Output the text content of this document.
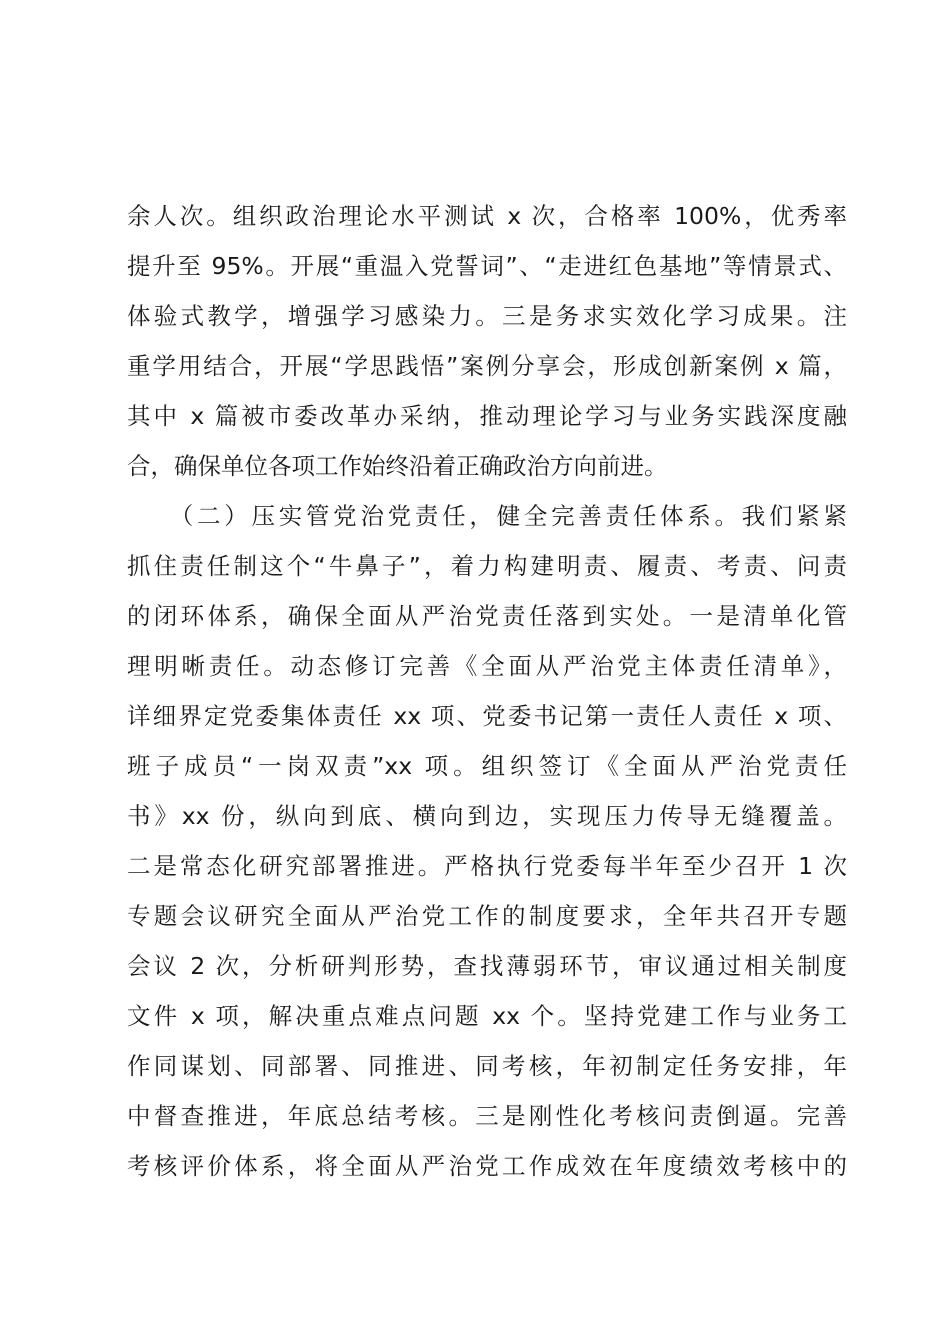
余人次。组织政治理论水平测试 x 次，合格率 100%，优秀率
提升至 95%。开展“重温入党誓词”、“走进红色基地”等情景式、
体验式教学，增强学习感染力。三是务求实效化学习成果。注
重学用结合，开展“学思践悟”案例分享会，形成创新案例 x 篇，
其中 x 篇被市委改革办采纳，推动理论学习与业务实践深度融
合，确保单位各项工作始终沿着正确政治方向前进。
　　（二）压实管党治党责任，健全完善责任体系。我们紧紧
抓住责任制这个“牛鼻子”，着力构建明责、履责、考责、问责
的闭环体系，确保全面从严治党责任落到实处。一是清单化管
理明晰责任。动态修订完善《全面从严治党主体责任清单》，
详细界定党委集体责任 xx 项、党委书记第一责任人责任 x 项、
班子成员“一岗双责”xx 项。组织签订《全面从严治党责任
书》xx 份，纵向到底、横向到边，实现压力传导无缝覆盖。
二是常态化研究部署推进。严格执行党委每半年至少召开 1 次
专题会议研究全面从严治党工作的制度要求，全年共召开专题
会议 2 次，分析研判形势，查找薄弱环节，审议通过相关制度
文件 x 项，解决重点难点问题 xx 个。坚持党建工作与业务工
作同谋划、同部署、同推进、同考核，年初制定任务安排，年
中督查推进，年底总结考核。三是刚性化考核问责倒逼。完善
考核评价体系，将全面从严治党工作成效在年度绩效考核中的
